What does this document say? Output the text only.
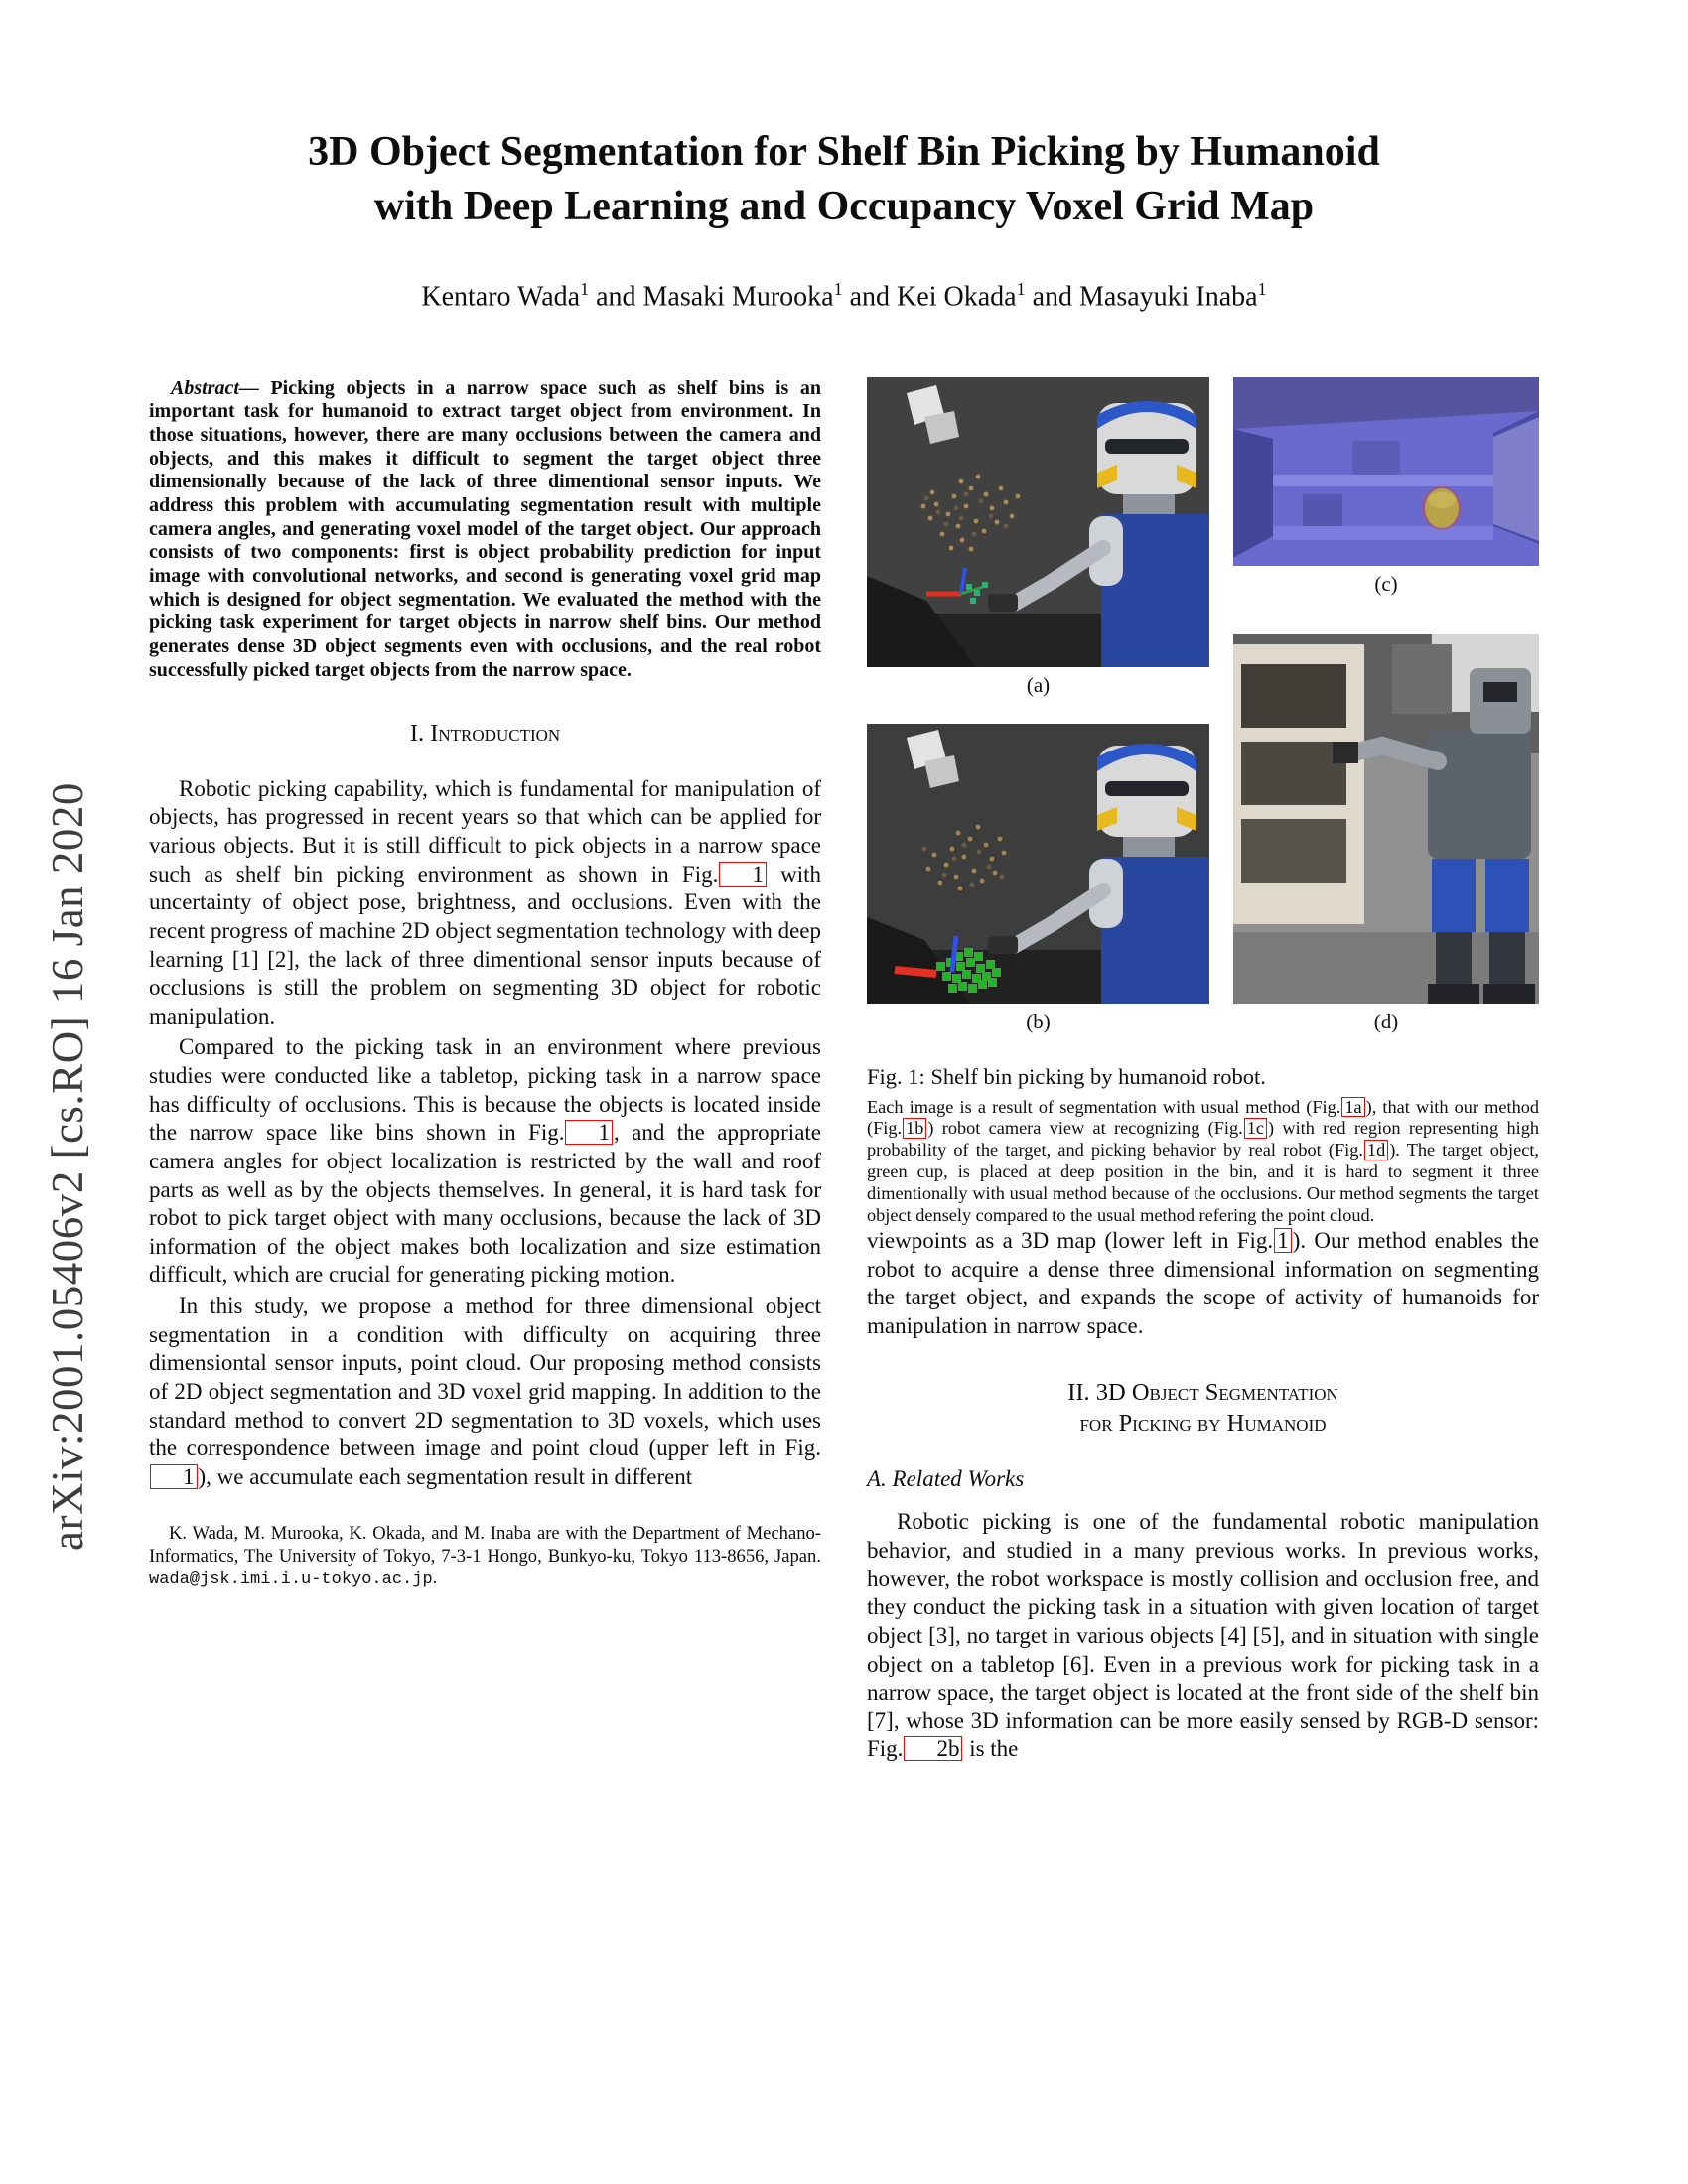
arXiv:2001.05406v2 [cs.RO] 16 Jan 2020
3D Object Segmentation for Shelf Bin Picking by Humanoid
with Deep Learning and Occupancy Voxel Grid Map
Kentaro Wada$^1$ and Masaki Murooka$^1$ and Kei Okada$^1$ and Masayuki Inaba$^1$

Abstract— Picking objects in a narrow space such as shelf bins is an important task for humanoid to extract target object from environment. In those situations, however, there are many occlusions between the camera and objects, and this makes it difficult to segment the target object three dimensionally because of the lack of three dimentional sensor inputs. We address this problem with accumulating segmentation result with multiple camera angles, and generating voxel model of the target object. Our approach consists of two components: first is object probability prediction for input image with convolutional networks, and second is generating voxel grid map which is designed for object segmentation. We evaluated the method with the picking task experiment for target objects in narrow shelf bins. Our method generates dense 3D object segments even with occlusions, and the real robot successfully picked target objects from the narrow space.

I. Introduction

Robotic picking capability, which is fundamental for manipulation of objects, has progressed in recent years so that which can be applied for various objects. But it is still difficult to pick objects in a narrow space such as shelf bin picking environment as shown in Fig. 1 with uncertainty of object pose, brightness, and occlusions. Even with the recent progress of machine 2D object segmentation technology with deep learning [1] [2], the lack of three dimentional sensor inputs because of occlusions is still the problem on segmenting 3D object for robotic manipulation.

Compared to the picking task in an environment where previous studies were conducted like a tabletop, picking task in a narrow space has difficulty of occlusions. This is because the objects is located inside the narrow space like bins shown in Fig. 1 , and the appropriate camera angles for object localization is restricted by the wall and roof parts as well as by the objects themselves. In general, it is hard task for robot to pick target object with many occlusions, because the lack of 3D information of the object makes both localization and size estimation difficult, which are crucial for generating picking motion.

In this study, we propose a method for three dimensional object segmentation in a condition with difficulty on acquiring three dimensiontal sensor inputs, point cloud. Our proposing method consists of 2D object segmentation and 3D voxel grid mapping. In addition to the standard method to convert 2D segmentation to 3D voxels, which uses the correspondence between image and point cloud (upper left in Fig.1 ), we accumulate each segmentation result in different

K. Wada, M. Murooka, K. Okada, and M. Inaba are with the Department of Mechano-Informatics, The University of Tokyo, 7-3-1 Hongo, Bunkyo-ku, Tokyo 113-8656, Japan. wada@jsk.imi.i.u-tokyo.ac.jp.
(a)
(b)
(c)
(d)
Fig. 1: Shelf bin picking by humanoid robot.
Each image is a result of segmentation with usual method (Fig. 1a ), that with our method (Fig. 1b ) robot camera view at recognizing (Fig. 1c ) with red region representing high probability of the target, and picking behavior by real robot (Fig. 1d ). The target object, green cup, is placed at deep position in the bin, and it is hard to segment it three dimentionally with usual method because of the occlusions. Our method segments the target object densely compared to the usual method refering the point cloud.

viewpoints as a 3D map (lower left in Fig. 1 ). Our method enables the robot to acquire a dense three dimensional information on segmenting the target object, and expands the scope of activity of humanoids for manipulation in narrow space.

II. 3D Object Segmentation
for Picking by Humanoid
A. Related Works

Robotic picking is one of the fundamental robotic manipulation behavior, and studied in a many previous works. In previous works, however, the robot workspace is mostly collision and occlusion free, and they conduct the picking task in a situation with given location of target object [3], no target in various objects [4] [5], and in situation with single object on a tabletop [6]. Even in a previous work for picking task in a narrow space, the target object is located at the front side of the shelf bin [7], whose 3D information can be more easily sensed by RGB-D sensor: Fig. 2b is the
